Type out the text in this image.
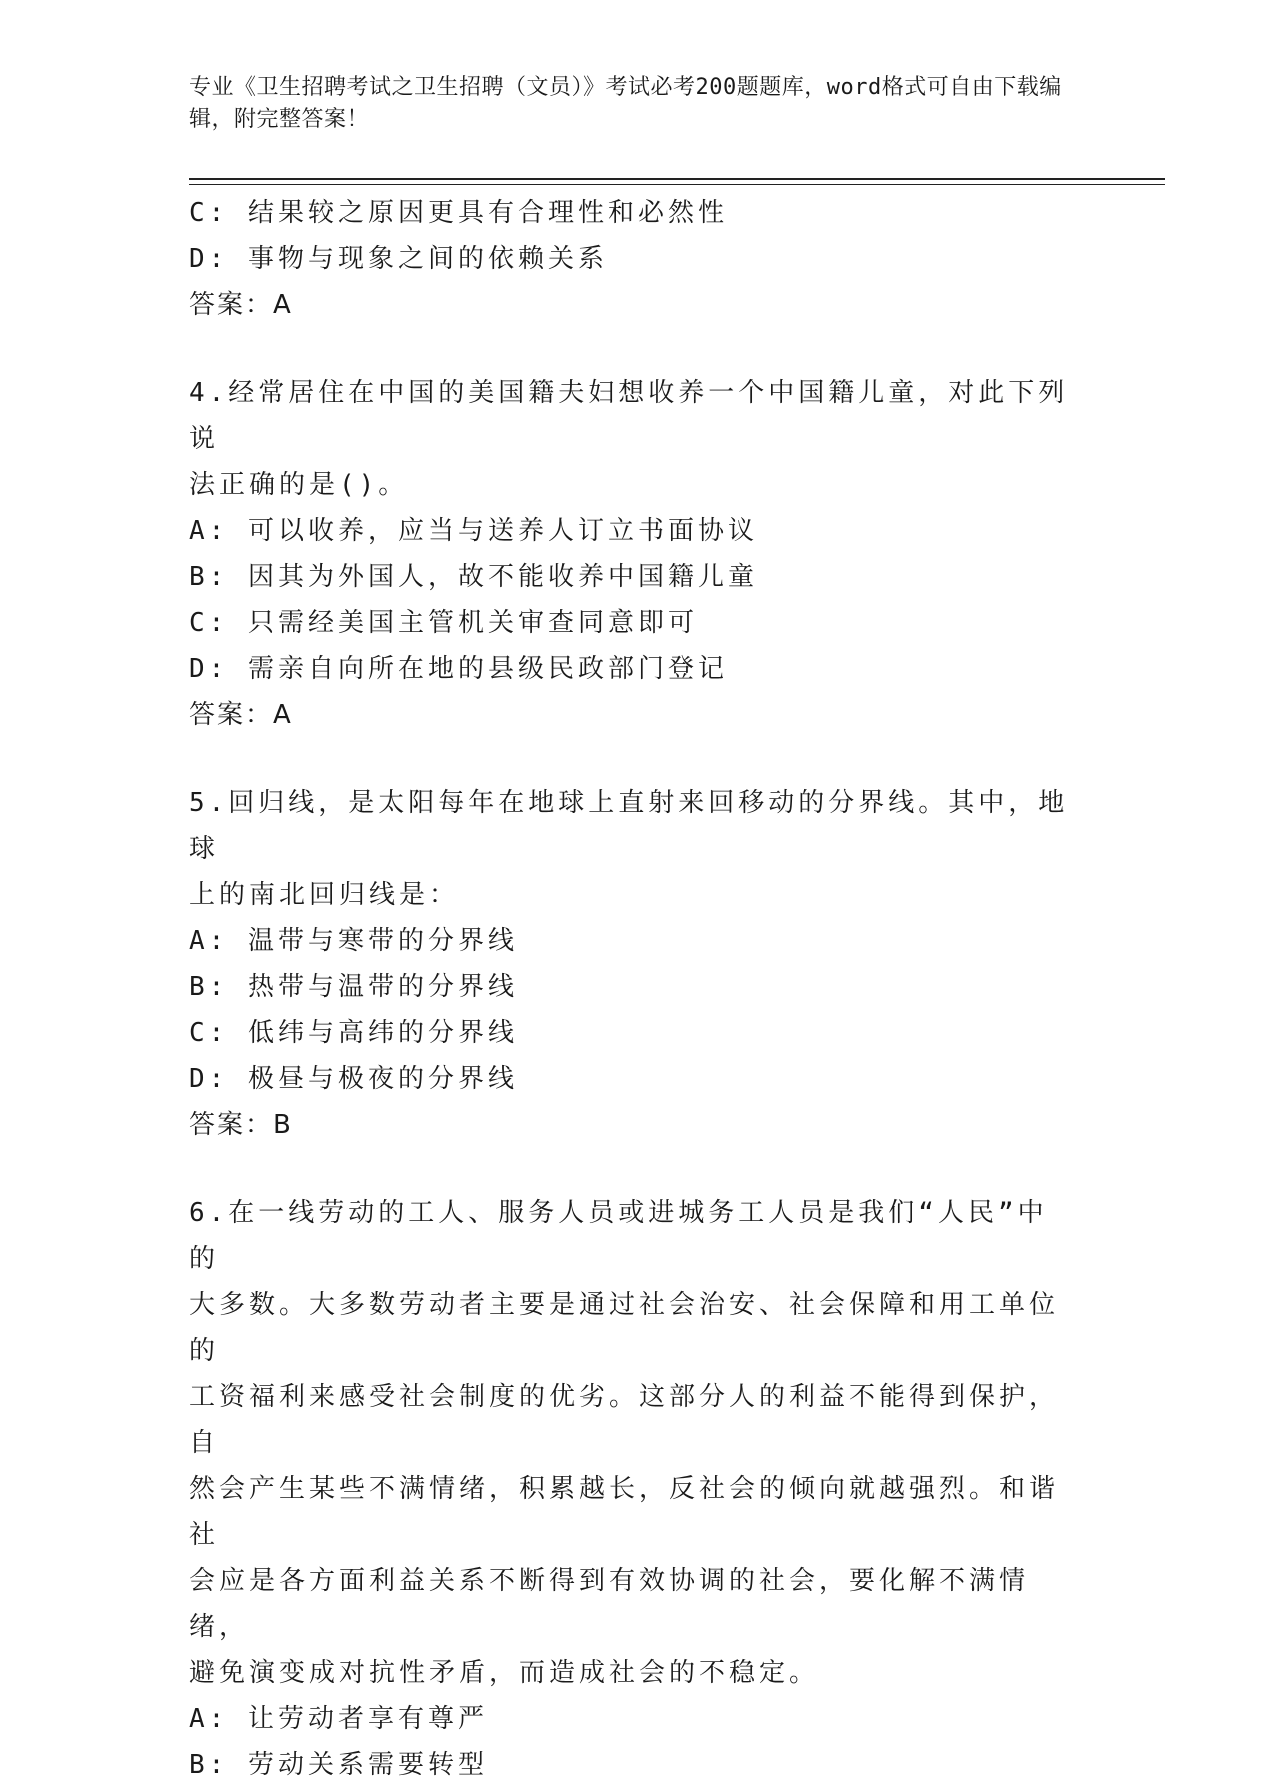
专业《卫生招聘考试之卫生招聘（文员）》考试必考200题题库，word格式可自由下载编辑，附完整答案！
C: 结果较之原因更具有合理性和必然性
D: 事物与现象之间的依赖关系
答案：A
4.经常居住在中国的美国籍夫妇想收养一个中国籍儿童，对此下列说
法正确的是()。
A: 可以收养，应当与送养人订立书面协议
B: 因其为外国人，故不能收养中国籍儿童
C: 只需经美国主管机关审查同意即可
D: 需亲自向所在地的县级民政部门登记
答案：A
5.回归线，是太阳每年在地球上直射来回移动的分界线。其中，地球
上的南北回归线是：
A: 温带与寒带的分界线
B: 热带与温带的分界线
C: 低纬与高纬的分界线
D: 极昼与极夜的分界线
答案：B
6.在一线劳动的工人、服务人员或进城务工人员是我们“人民”中的
大多数。大多数劳动者主要是通过社会治安、社会保障和用工单位的
工资福利来感受社会制度的优劣。这部分人的利益不能得到保护，自
然会产生某些不满情绪，积累越长，反社会的倾向就越强烈。和谐社
会应是各方面利益关系不断得到有效协调的社会，要化解不满情绪，
避免演变成对抗性矛盾，而造成社会的不稳定。
A: 让劳动者享有尊严
B: 劳动关系需要转型
